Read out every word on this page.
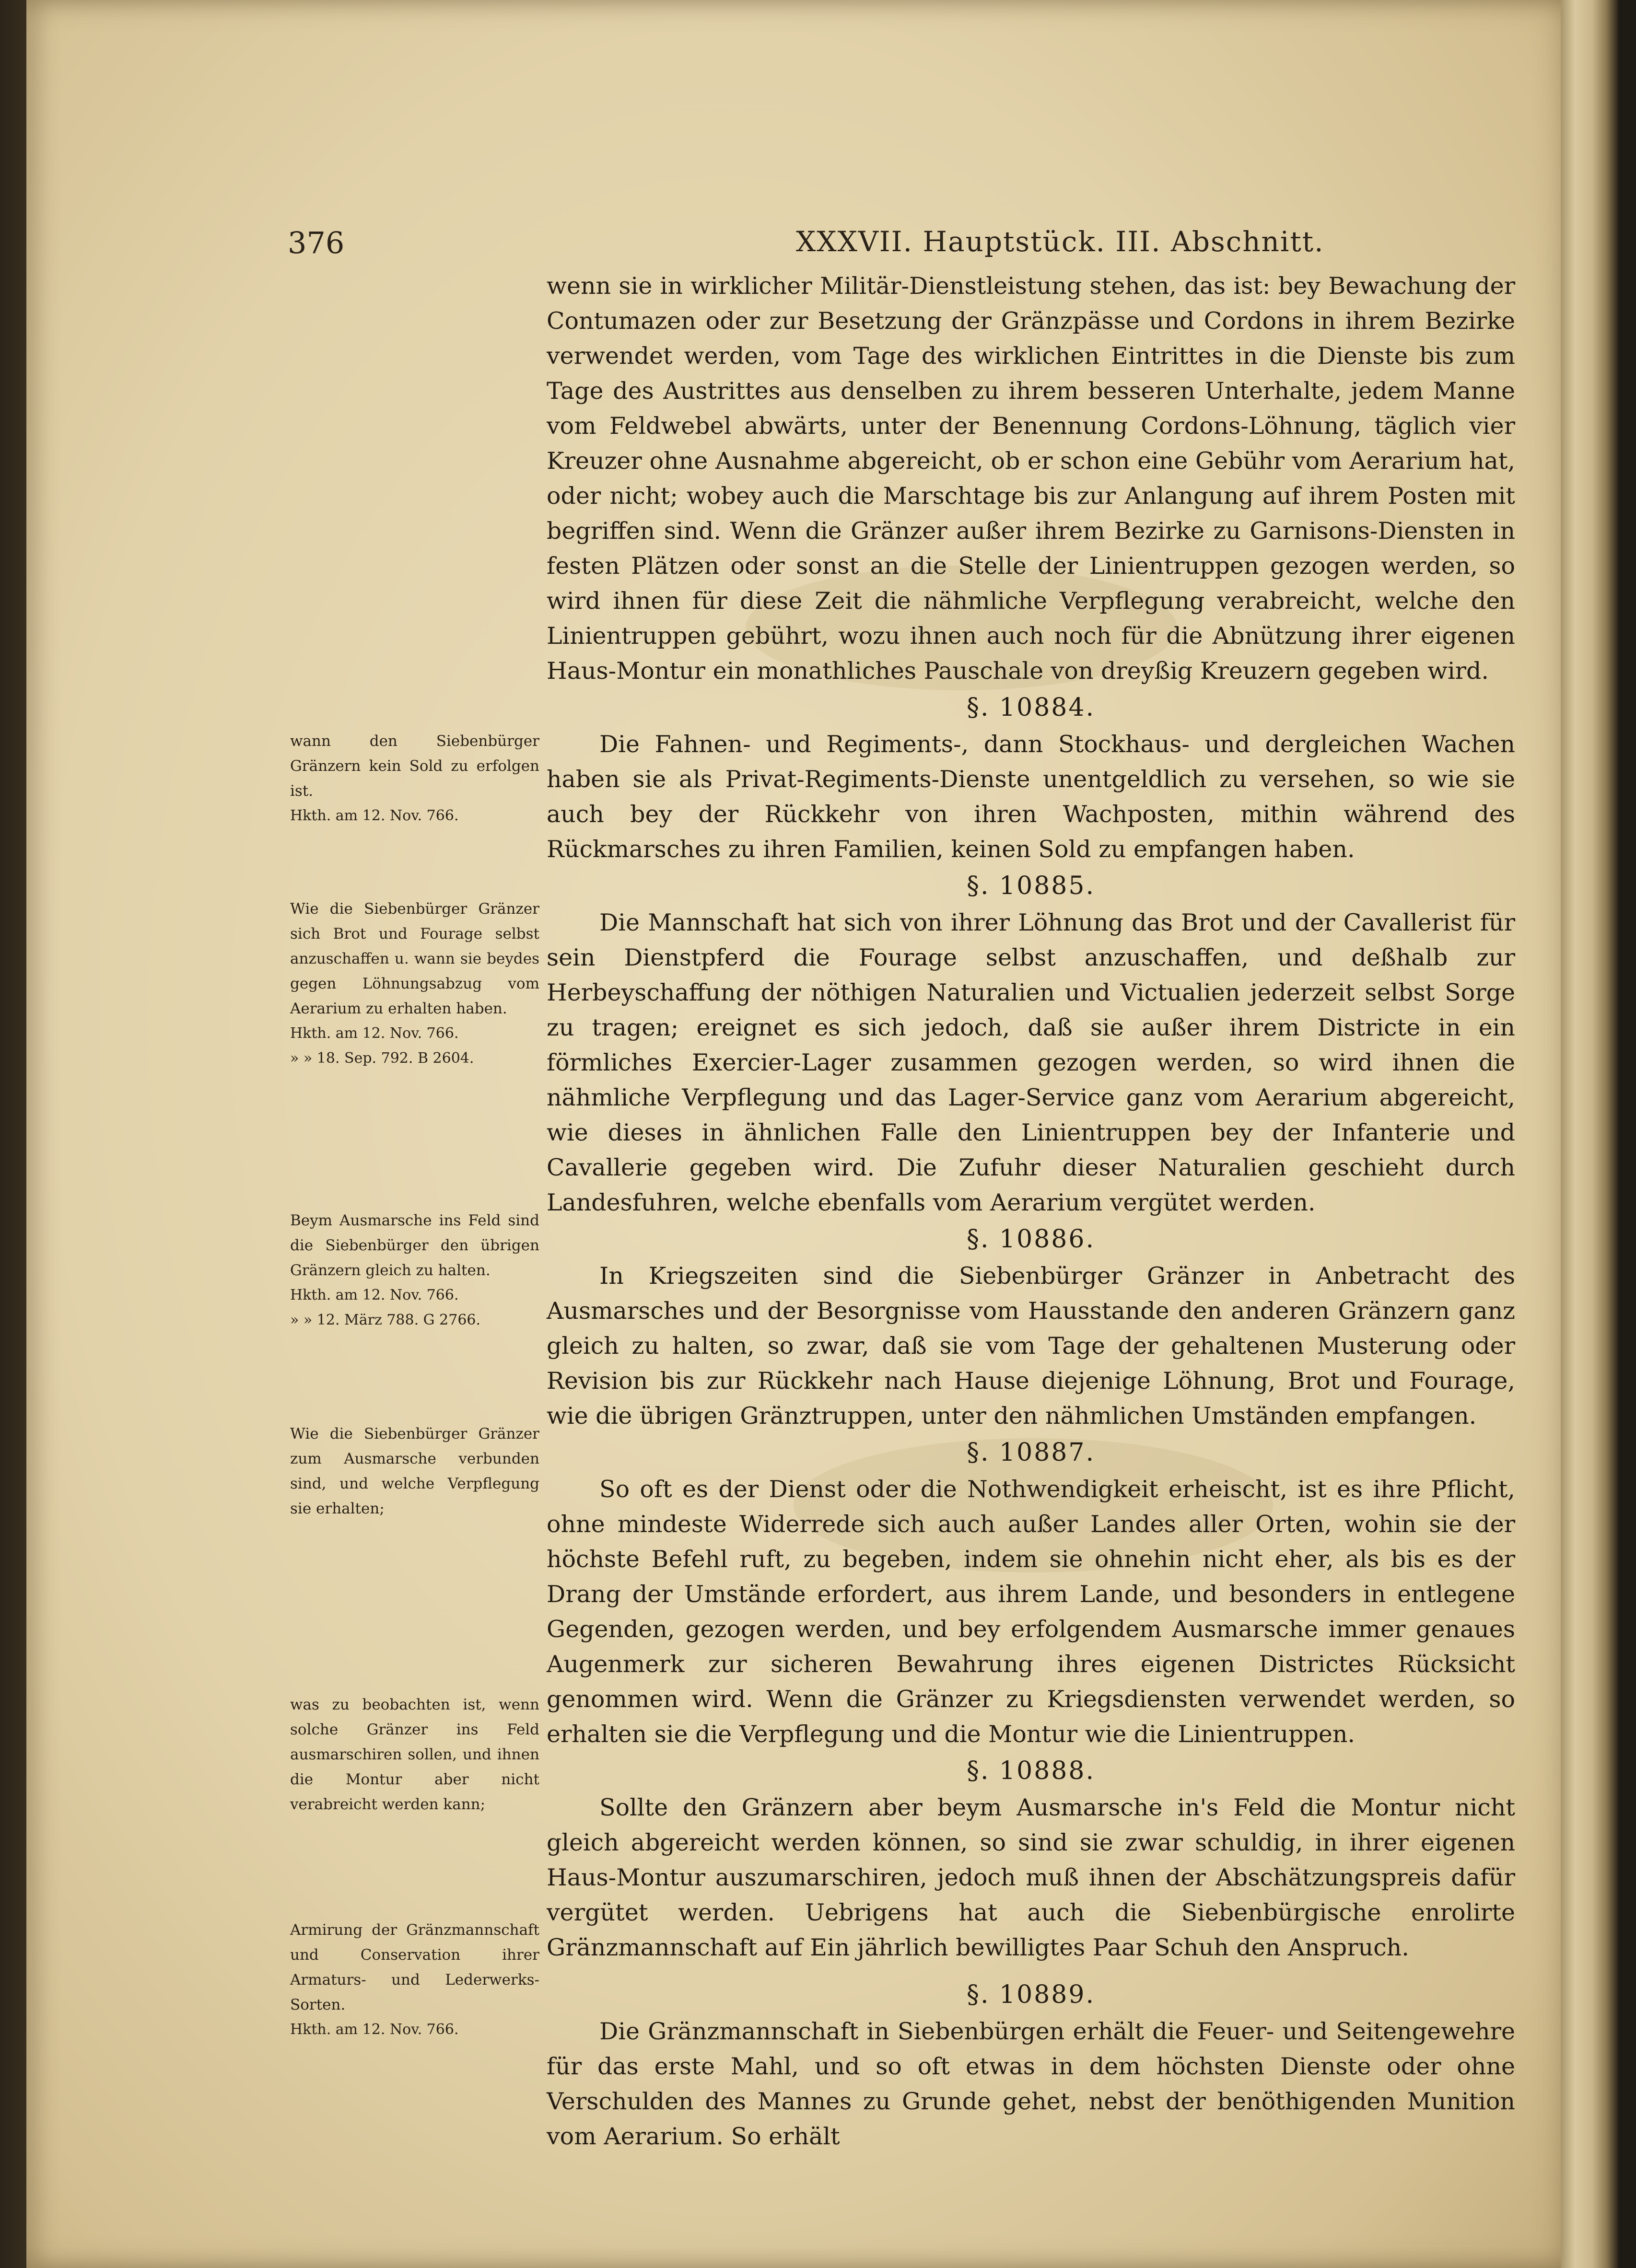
376	XXXVII. Hauptstück. III. Abschnitt.

wenn sie in wirklicher Militär-Dienstleistung stehen, das ist: bey Bewachung der Contumazen oder zur Besetzung der Gränzpässe und Cordons in ihrem Bezirke verwendet werden, vom Tage des wirklichen Eintrittes in die Dienste bis zum Tage des Austrittes aus denselben zu ihrem besseren Unterhalte, jedem Manne vom Feldwebel abwärts, unter der Benennung Cordons-Löhnung, täglich vier Kreuzer ohne Ausnahme abgereicht, ob er schon eine Gebühr vom Aerarium hat, oder nicht; wobey auch die Marschtage bis zur Anlangung auf ihrem Posten mit begriffen sind. Wenn die Gränzer außer ihrem Bezirke zu Garnisons-Diensten in festen Plätzen oder sonst an die Stelle der Linientruppen gezogen werden, so wird ihnen für diese Zeit die nähmliche Verpflegung verabreicht, welche den Linientruppen gebührt, wozu ihnen auch noch für die Abnützung ihrer eigenen Haus-Montur ein monathliches Pauschale von dreyßig Kreuzern gegeben wird.

§. 10884.

Die Fahnen- und Regiments-, dann Stockhaus- und dergleichen Wachen haben sie als Privat-Regiments-Dienste unentgeldlich zu versehen, so wie sie auch bey der Rückkehr von ihren Wachposten, mithin während des Rückmarsches zu ihren Familien, keinen Sold zu empfangen haben.

§. 10885.

Die Mannschaft hat sich von ihrer Löhnung das Brot und der Cavallerist für sein Dienstpferd die Fourage selbst anzuschaffen, und deßhalb zur Herbeyschaffung der nöthigen Naturalien und Victualien jederzeit selbst Sorge zu tragen; ereignet es sich jedoch, daß sie außer ihrem Districte in ein förmliches Exercier-Lager zusammen gezogen werden, so wird ihnen die nähmliche Verpflegung und das Lager-Service ganz vom Aerarium abgereicht, wie dieses in ähnlichen Falle den Linientruppen bey der Infanterie und Cavallerie gegeben wird. Die Zufuhr dieser Naturalien geschieht durch Landesfuhren, welche ebenfalls vom Aerarium vergütet werden.

§. 10886.

In Kriegszeiten sind die Siebenbürger Gränzer in Anbetracht des Ausmarsches und der Besorgnisse vom Hausstande den anderen Gränzern ganz gleich zu halten, so zwar, daß sie vom Tage der gehaltenen Musterung oder Revision bis zur Rückkehr nach Hause diejenige Löhnung, Brot und Fourage, wie die übrigen Gränztruppen, unter den nähmlichen Umständen empfangen.

§. 10887.

So oft es der Dienst oder die Nothwendigkeit erheischt, ist es ihre Pflicht, ohne mindeste Widerrede sich auch außer Landes aller Orten, wohin sie der höchste Befehl ruft, zu begeben, indem sie ohnehin nicht eher, als bis es der Drang der Umstände erfordert, aus ihrem Lande, und besonders in entlegene Gegenden, gezogen werden, und bey erfolgendem Ausmarsche immer genaues Augenmerk zur sicheren Bewahrung ihres eigenen Districtes Rücksicht genommen wird. Wenn die Gränzer zu Kriegsdiensten verwendet werden, so erhalten sie die Verpflegung und die Montur wie die Linientruppen.

§. 10888.

Sollte den Gränzern aber beym Ausmarsche in's Feld die Montur nicht gleich abgereicht werden können, so sind sie zwar schuldig, in ihrer eigenen Haus-Montur auszumarschiren, jedoch muß ihnen der Abschätzungspreis dafür vergütet werden. Uebrigens hat auch die Siebenbürgische enrolirte Gränzmannschaft auf Ein jährlich bewilligtes Paar Schuh den Anspruch.

§. 10889.

Die Gränzmannschaft in Siebenbürgen erhält die Feuer- und Seitengewehre für das erste Mahl, und so oft etwas in dem höchsten Dienste oder ohne Verschulden des Mannes zu Grunde gehet, nebst der benöthigenden Munition vom Aerarium. So erhält

wann den Siebenbürger Gränzern kein Sold zu erfolgen ist.
Hkth. am 12. Nov. 766.
Wie die Siebenbürger Gränzer sich Brot und Fourage selbst anzuschaffen u. wann sie beydes gegen Löhnungsabzug vom Aerarium zu erhalten haben.
Hkth. am 12. Nov. 766.
» » 18. Sep. 792. B 2604.
Beym Ausmarsche ins Feld sind die Siebenbürger den übrigen Gränzern gleich zu halten.
Hkth. am 12. Nov. 766.
» » 12. März 788. G 2766.
Wie die Siebenbürger Gränzer zum Ausmarsche verbunden sind, und welche Verpflegung sie erhalten;
was zu beobachten ist, wenn solche Gränzer ins Feld ausmarschiren sollen, und ihnen die Montur aber nicht verabreicht werden kann;
Armirung der Gränzmannschaft und Conservation ihrer Armaturs- und Lederwerks-Sorten.
Hkth. am 12. Nov. 766.
